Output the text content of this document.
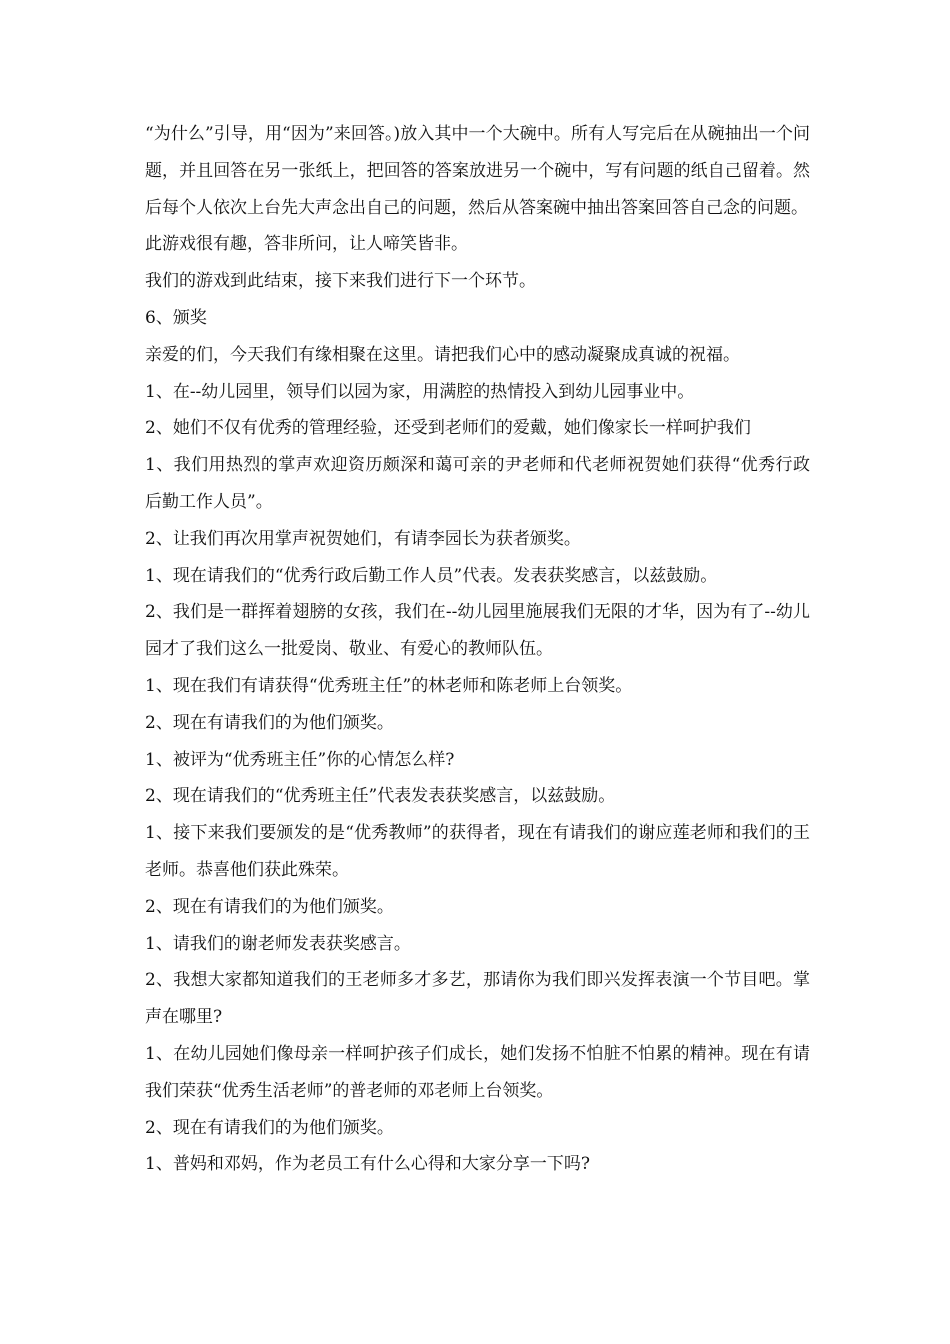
“为什么”引导，用“因为”来回答。)放入其中一个大碗中。所有人写完后在从碗抽出一个问题，并且回答在另一张纸上，把回答的答案放进另一个碗中，写有问题的纸自己留着。然后每个人依次上台先大声念出自己的问题，然后从答案碗中抽出答案回答自己念的问题。

此游戏很有趣，答非所问，让人啼笑皆非。

我们的游戏到此结束，接下来我们进行下一个环节。

6、颁奖

亲爱的们，今天我们有缘相聚在这里。请把我们心中的感动凝聚成真诚的祝福。

1、在--幼儿园里，领导们以园为家，用满腔的热情投入到幼儿园事业中。

2、她们不仅有优秀的管理经验，还受到老师们的爱戴，她们像家长一样呵护我们

1、我们用热烈的掌声欢迎资历颇深和蔼可亲的尹老师和代老师祝贺她们获得“优秀行政后勤工作人员”。

2、让我们再次用掌声祝贺她们，有请李园长为获者颁奖。

1、现在请我们的“优秀行政后勤工作人员”代表。发表获奖感言，以兹鼓励。

2、我们是一群挥着翅膀的女孩，我们在--幼儿园里施展我们无限的才华，因为有了--幼儿园才了我们这么一批爱岗、敬业、有爱心的教师队伍。

1、现在我们有请获得“优秀班主任”的林老师和陈老师上台领奖。

2、现在有请我们的为他们颁奖。

1、被评为“优秀班主任”你的心情怎么样?

2、现在请我们的“优秀班主任”代表发表获奖感言，以兹鼓励。

1、接下来我们要颁发的是“优秀教师”的获得者，现在有请我们的谢应莲老师和我们的王老师。恭喜他们获此殊荣。

2、现在有请我们的为他们颁奖。

1、请我们的谢老师发表获奖感言。

2、我想大家都知道我们的王老师多才多艺，那请你为我们即兴发挥表演一个节目吧。掌声在哪里?

1、在幼儿园她们像母亲一样呵护孩子们成长，她们发扬不怕脏不怕累的精神。现在有请我们荣获“优秀生活老师”的普老师的邓老师上台领奖。

2、现在有请我们的为他们颁奖。

1、普妈和邓妈，作为老员工有什么心得和大家分享一下吗?
